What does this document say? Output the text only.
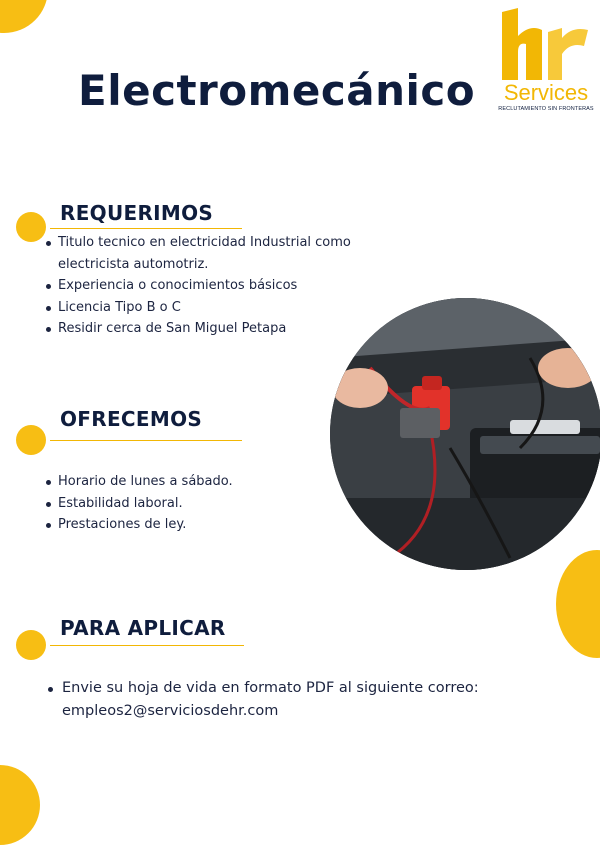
Electromecánico	Services
RECLUTAMIENTO SIN FRONTERAS
REQUERIMOS
Titulo tecnico en electricidad Industrial como electricista automotriz.
Experiencia o conocimientos básicos
Licencia Tipo B o C
Residir cerca de San Miguel Petapa
OFRECEMOS
Horario de lunes a sábado.
Estabilidad laboral.
Prestaciones de ley.
PARA APLICAR
Envie su hoja de vida en formato PDF al siguiente correo: empleos2@serviciosdehr.com
